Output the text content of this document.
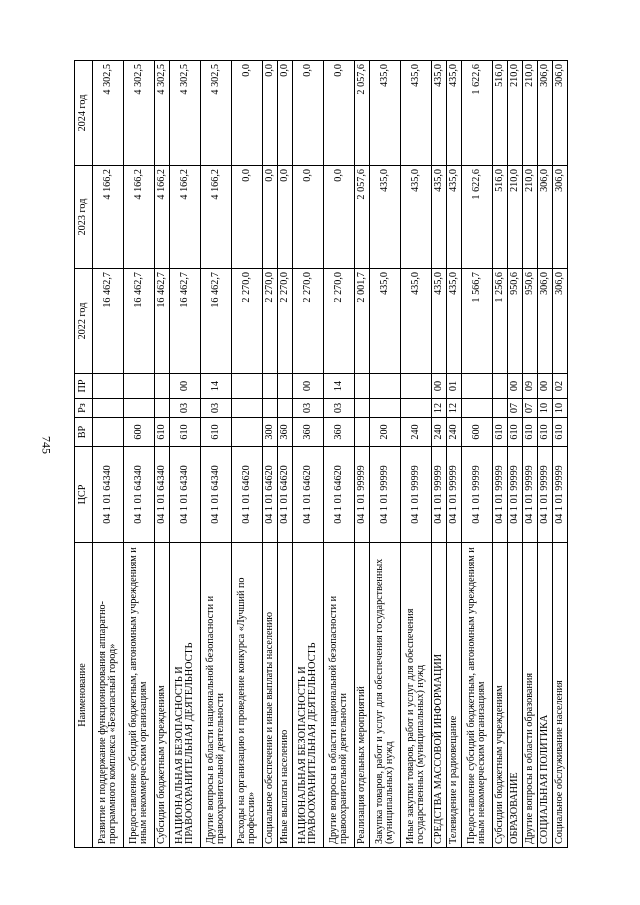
745
Наименование	ЦСР	ВР	Рз	ПР	2022 год	2023 год	2024 год
Развитие и поддержание функционирования аппаратно-программного комплекса «Безопасный город»	04 1 01 64340				16 462,7	4 166,2	4 302,5
Предоставление субсидий бюджетным, автономным учреждениям и иным некоммерческим организациям	04 1 01 64340	600			16 462,7	4 166,2	4 302,5
Субсидии бюджетным учреждениям	04 1 01 64340	610			16 462,7	4 166,2	4 302,5
НАЦИОНАЛЬНАЯ БЕЗОПАСНОСТЬ И ПРАВООХРАНИТЕЛЬНАЯ ДЕЯТЕЛЬНОСТЬ	04 1 01 64340	610	03	00	16 462,7	4 166,2	4 302,5
Другие вопросы в области национальной безопасности и правоохранительной деятельности	04 1 01 64340	610	03	14	16 462,7	4 166,2	4 302,5
Расходы на организацию и проведение конкурса «Лучший по профессии»	04 1 01 64620				2 270,0	0,0	0,0
Социальное обеспечение и иные выплаты населению	04 1 01 64620	300			2 270,0	0,0	0,0
Иные выплаты населению	04 1 01 64620	360			2 270,0	0,0	0,0
НАЦИОНАЛЬНАЯ БЕЗОПАСНОСТЬ И ПРАВООХРАНИТЕЛЬНАЯ ДЕЯТЕЛЬНОСТЬ	04 1 01 64620	360	03	00	2 270,0	0,0	0,0
Другие вопросы в области национальной безопасности и правоохранительной деятельности	04 1 01 64620	360	03	14	2 270,0	0,0	0,0
Реализация отдельных мероприятий	04 1 01 99999				2 001,7	2 057,6	2 057,6
Закупка товаров, работ и услуг для обеспечения государственных (муниципальных) нужд	04 1 01 99999	200			435,0	435,0	435,0
Иные закупки товаров, работ и услуг для обеспечения государственных (муниципальных) нужд	04 1 01 99999	240			435,0	435,0	435,0
СРЕДСТВА МАССОВОЙ ИНФОРМАЦИИ	04 1 01 99999	240	12	00	435,0	435,0	435,0
Телевидение и радиовещание	04 1 01 99999	240	12	01	435,0	435,0	435,0
Предоставление субсидий бюджетным, автономным учреждениям и иным некоммерческим организациям	04 1 01 99999	600			1 566,7	1 622,6	1 622,6
Субсидии бюджетным учреждениям	04 1 01 99999	610			1 256,6	516,0	516,0
ОБРАЗОВАНИЕ	04 1 01 99999	610	07	00	950,6	210,0	210,0
Другие вопросы в области образования	04 1 01 99999	610	07	09	950,6	210,0	210,0
СОЦИАЛЬНАЯ ПОЛИТИКА	04 1 01 99999	610	10	00	306,0	306,0	306,0
Социальное обслуживание населения	04 1 01 99999	610	10	02	306,0	306,0	306,0
